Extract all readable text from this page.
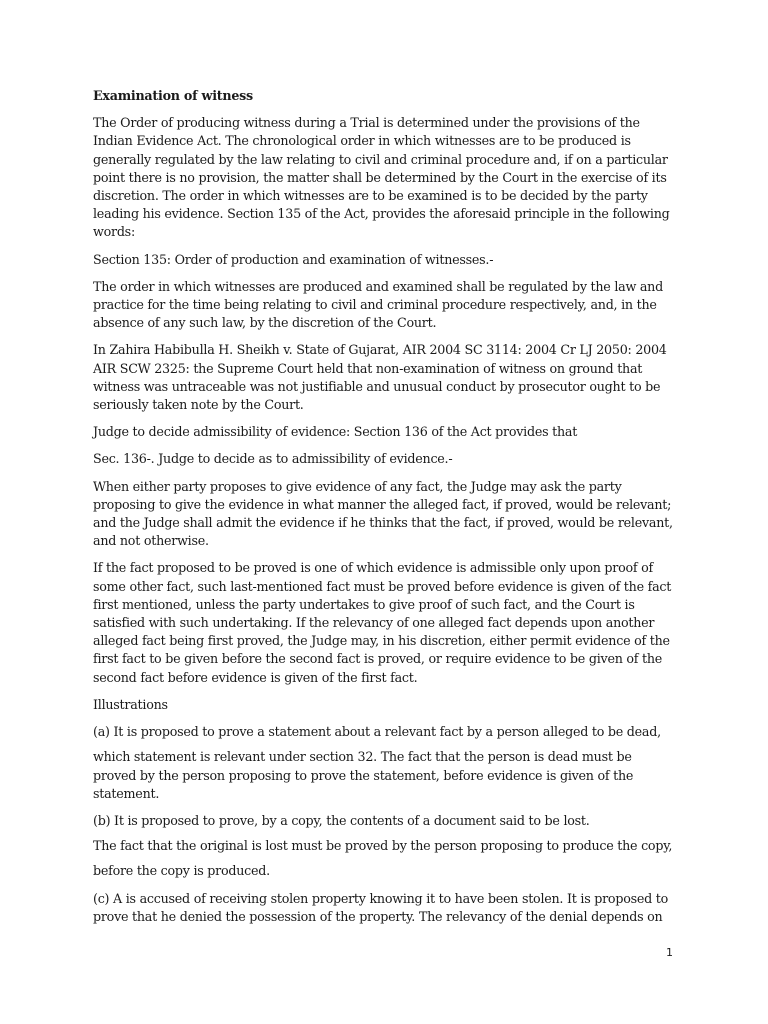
Examination of witness

The Order of producing witness during a Trial is determined under the provisions of the Indian Evidence Act. The chronological order in which witnesses are to be produced is generally regulated by the law relating to civil and criminal procedure and, if on a particular point there is no provision, the matter shall be determined by the Court in the exercise of its discretion. The order in which witnesses are to be examined is to be decided by the party leading his evidence. Section 135 of the Act, provides the aforesaid principle in the following words:

Section 135: Order of production and examination of witnesses.-

The order in which witnesses are produced and examined shall be regulated by the law and practice for the time being relating to civil and criminal procedure respectively, and, in the absence of any such law, by the discretion of the Court.

In Zahira Habibulla H. Sheikh v. State of Gujarat, AIR 2004 SC 3114: 2004 Cr LJ 2050: 2004 AIR SCW 2325: the Supreme Court held that non-examination of witness on ground that witness was untraceable was not justifiable and unusual conduct by prosecutor ought to be seriously taken note by the Court.

Judge to decide admissibility of evidence: Section 136 of the Act provides that

Sec. 136-. Judge to decide as to admissibility of evidence.-

When either party proposes to give evidence of any fact, the Judge may ask the party proposing to give the evidence in what manner the alleged fact, if proved, would be relevant; and the Judge shall admit the evidence if he thinks that the fact, if proved, would be relevant, and not otherwise.

If the fact proposed to be proved is one of which evidence is admissible only upon proof of some other fact, such last-mentioned fact must be proved before evidence is given of the fact first mentioned, unless the party undertakes to give proof of such fact, and the Court is satisfied with such undertaking. If the relevancy of one alleged fact depends upon another alleged fact being first proved, the Judge may, in his discretion, either permit evidence of the first fact to be given before the second fact is proved, or require evidence to be given of the second fact before evidence is given of the first fact.

Illustrations

(a) It is proposed to prove a statement about a relevant fact by a person alleged to be dead,

which statement is relevant under section 32. The fact that the person is dead must be proved by the person proposing to prove the statement, before evidence is given of the statement.

(b) It is proposed to prove, by a copy, the contents of a document said to be lost.

The fact that the original is lost must be proved by the person proposing to produce the copy,

before the copy is produced.

(c) A is accused of receiving stolen property knowing it to have been stolen. It is proposed to prove that he denied the possession of the property. The relevancy of the denial depends on

1
